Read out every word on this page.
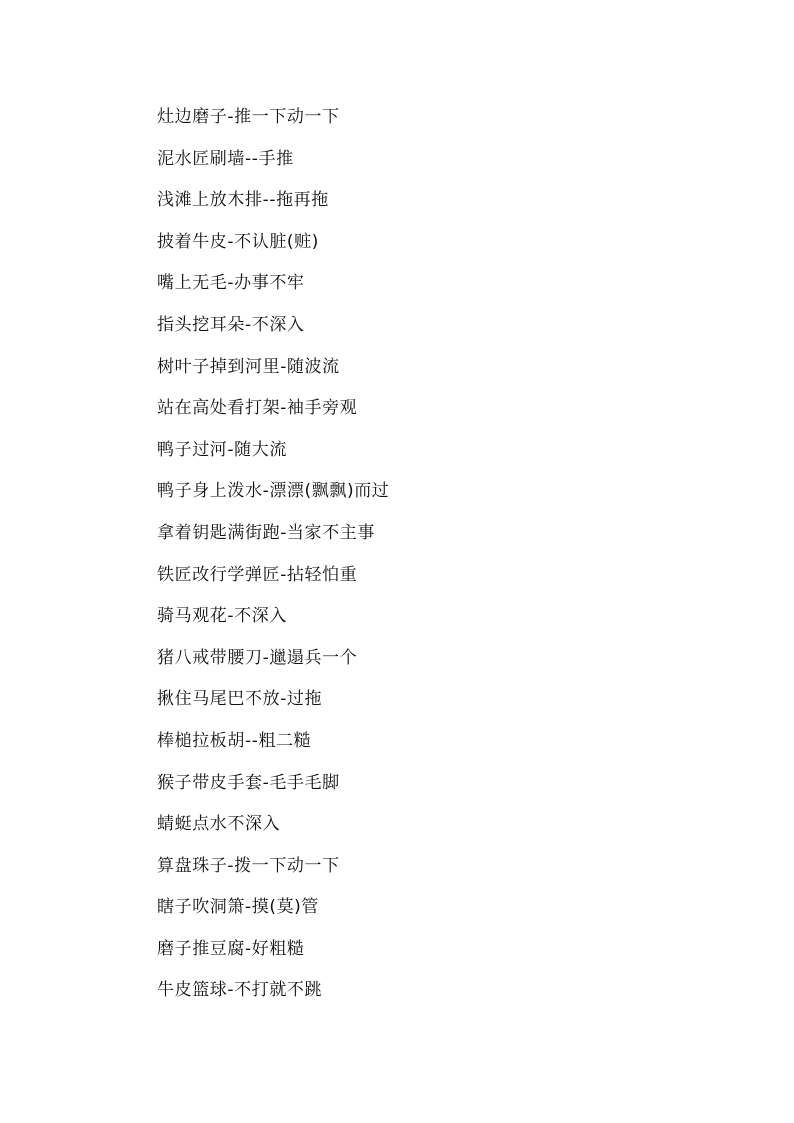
灶边磨子-推一下动一下
泥水匠刷墙--手推
浅滩上放木排--拖再拖
披着牛皮-不认脏(赃)
嘴上无毛-办事不牢
指头挖耳朵-不深入
树叶子掉到河里-随波流
站在高处看打架-袖手旁观
鸭子过河-随大流
鸭子身上泼水-漂漂(飘飘)而过
拿着钥匙满街跑-当家不主事
铁匠改行学弹匠-拈轻怕重
骑马观花-不深入
猪八戒带腰刀-邋遢兵一个
揪住马尾巴不放-过拖
棒槌拉板胡--粗二糙
猴子带皮手套-毛手毛脚
蜻蜓点水不深入
算盘珠子-拨一下动一下
瞎子吹洞箫-摸(莫)管
磨子推豆腐-好粗糙
牛皮篮球-不打就不跳
